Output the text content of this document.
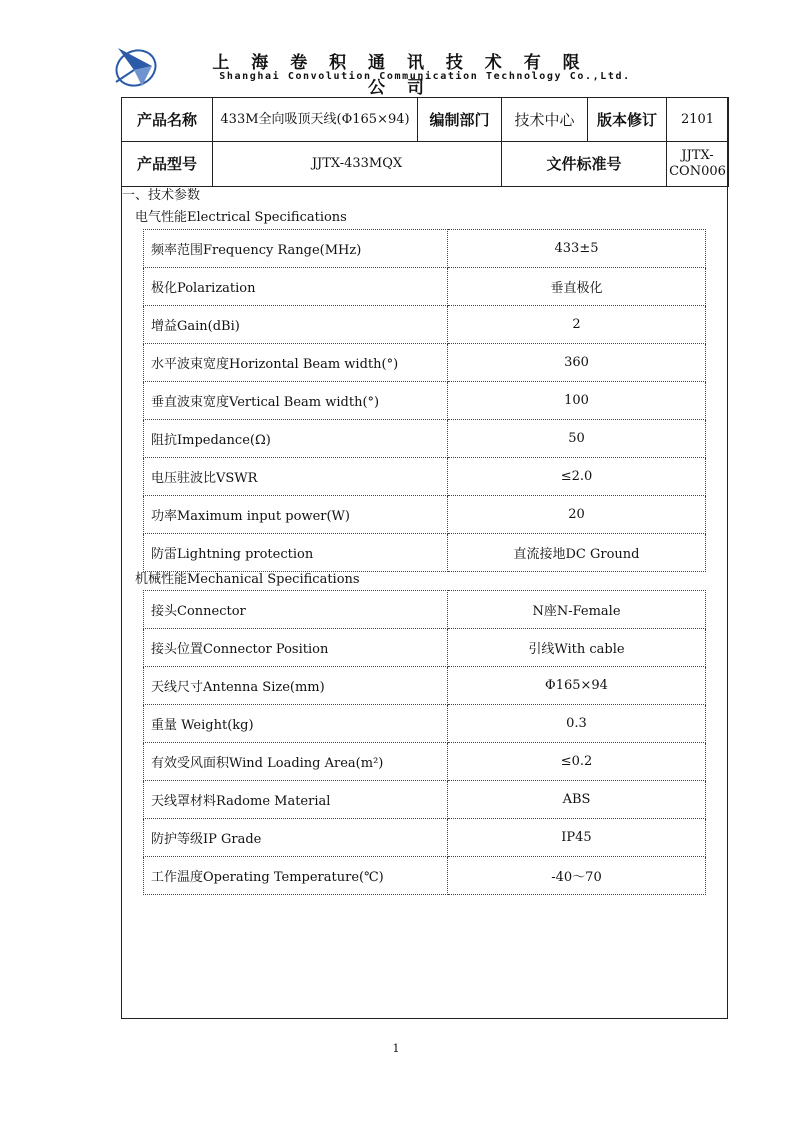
上 海 卷 积 通 讯 技 术 有 限 公 司
Shanghai Convolution Communication Technology Co.,Ltd.
产品名称	433M全向吸顶天线(Φ165×94)	编制部门	技术中心	版本修订	2101
产品型号	JJTX-433MQX		文件标准号		JJTX-CON006
一、技术参数
电气性能Electrical Specifications
频率范围Frequency Range(MHz)	433±5
极化Polarization	垂直极化
增益Gain(dBi)	2
水平波束宽度Horizontal Beam width(°)	360
垂直波束宽度Vertical Beam width(°)	100
阻抗Impedance(Ω)	50
电压驻波比VSWR	≤2.0
功率Maximum input power(W)	20
防雷Lightning protection	直流接地DC Ground
机械性能Mechanical Specifications
接头Connector	N座N-Female
接头位置Connector Position	引线With cable
天线尺寸Antenna Size(mm)	Φ165×94
重量 Weight(kg)	0.3
有效受风面积Wind Loading Area(m²)	≤0.2
天线罩材料Radome Material	ABS
防护等级IP Grade	IP45
工作温度Operating Temperature(℃)	-40～70
1
